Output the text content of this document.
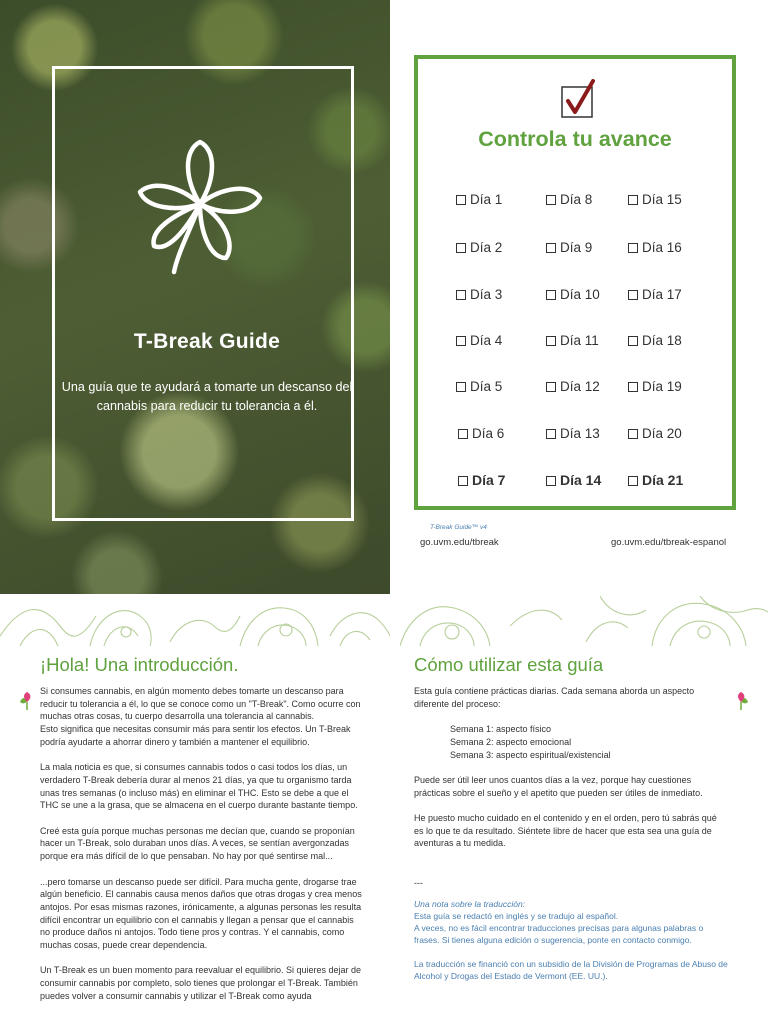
T-Break Guide
Una guía que te ayudará a tomarte un descanso del cannabis para reducir tu tolerancia a él.
Controla tu avance
Día 1	Día 8	Día 15
Día 2	Día 9	Día 16
Día 3	Día 10	Día 17
Día 4	Día 11	Día 18
Día 5	Día 12	Día 19
Día 6	Día 13	Día 20
Día 7	Día 14	Día 21
T-Break Guide™ v4
go.uvm.edu/tbreak	go.uvm.edu/tbreak-espanol
¡Hola! Una introducción.

Si consumes cannabis, en algún momento debes tomarte un descanso para reducir tu tolerancia a él, lo que se conoce como un "T-Break". Como ocurre con muchas otras cosas, tu cuerpo desarrolla una tolerancia al cannabis.
Esto significa que necesitas consumir más para sentir los efectos. Un T-Break podría ayudarte a ahorrar dinero y también a mantener el equilibrio.

La mala noticia es que, si consumes cannabis todos o casi todos los días, un verdadero T-Break debería durar al menos 21 días, ya que tu organismo tarda unas tres semanas (o incluso más) en eliminar el THC. Esto se debe a que el THC se une a la grasa, que se almacena en el cuerpo durante bastante tiempo.

Creé esta guía porque muchas personas me decían que, cuando se proponían hacer un T-Break, solo duraban unos días. A veces, se sentían avergonzadas porque era más difícil de lo que pensaban. No hay por qué sentirse mal...

...pero tomarse un descanso puede ser difícil. Para mucha gente, drogarse trae algún beneficio. El cannabis causa menos daños que otras drogas y crea menos antojos. Por esas mismas razones, irónicamente, a algunas personas les resulta difícil encontrar un equilibrio con el cannabis y llegan a pensar que el cannabis no produce daños ni antojos. Todo tiene pros y contras. Y el cannabis, como muchas cosas, puede crear dependencia.

Un T-Break es un buen momento para reevaluar el equilibrio. Si quieres dejar de consumir cannabis por completo, solo tienes que prolongar el T-Break. También puedes volver a consumir cannabis y utilizar el T-Break como ayuda

Cómo utilizar esta guía

Esta guía contiene prácticas diarias. Cada semana aborda un aspecto diferente del proceso:

Semana 1: aspecto físico
Semana 2: aspecto emocional
Semana 3: aspecto espiritual/existencial

Puede ser útil leer unos cuantos días a la vez, porque hay cuestiones prácticas sobre el sueño y el apetito que pueden ser útiles de inmediato.

He puesto mucho cuidado en el contenido y en el orden, pero tú sabrás qué es lo que te da resultado. Siéntete libre de hacer que esta sea una guía de aventuras a tu medida.

---

Una nota sobre la traducción:
Esta guía se redactó en inglés y se tradujo al español.
A veces, no es fácil encontrar traducciones precisas para algunas palabras o frases. Si tienes alguna edición o sugerencia, ponte en contacto conmigo.

La traducción se financió con un subsidio de la División de Programas de Abuso de Alcohol y Drogas del Estado de Vermont (EE. UU.).
